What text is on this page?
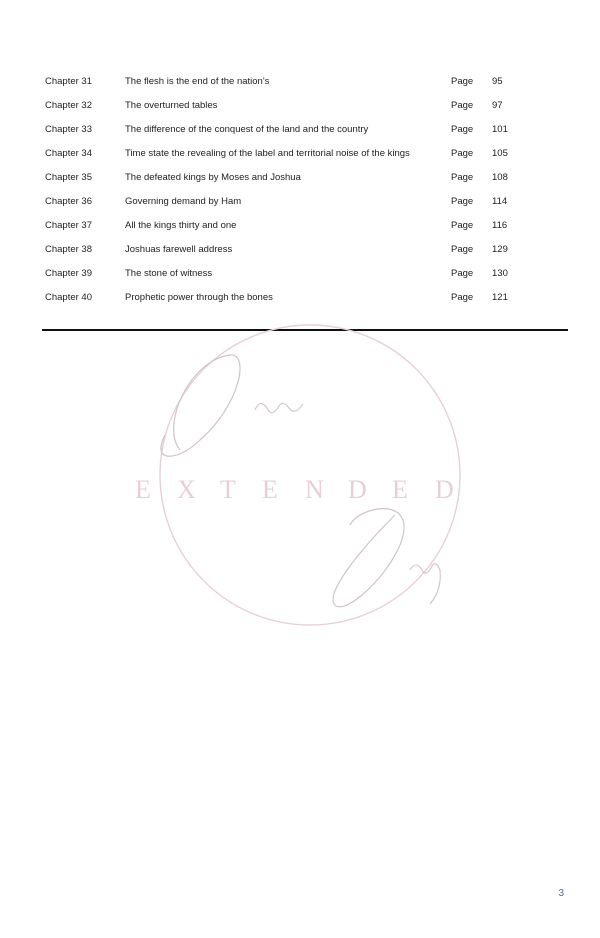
Chapter 31	The flesh is the end of the nation's	Page 95
Chapter 32	The overturned tables	Page 97
Chapter 33	The difference of the conquest of the land and the country	Page 101
Chapter 34	Time state the revealing of the label and territorial noise of the kings	Page 105
Chapter 35	The defeated kings by Moses and Joshua	Page 108
Chapter 36	Governing demand by Ham	Page 114
Chapter 37	All the kings thirty and one	Page 116
Chapter 38	Joshuas farewell address	Page 129
Chapter 39	The stone of witness	Page 130
Chapter 40	Prophetic power through the bones	Page 121
E X T E N D E D
3
